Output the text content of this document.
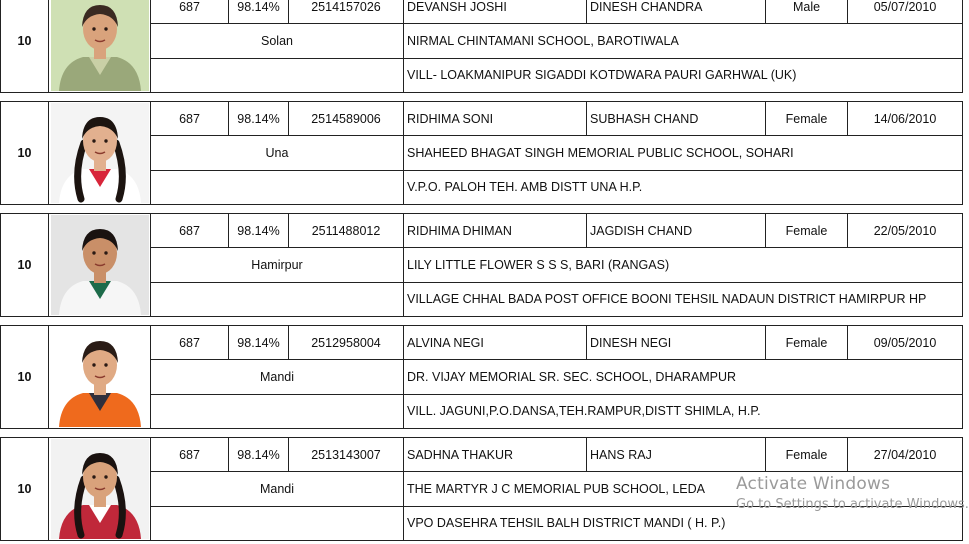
10		687	98.14%	2514157026	DEVANSH JOSHI	DINESH CHANDRA	Male	05/07/2010
		Solan			NIRMAL CHINTAMANI SCHOOL, BAROTIWALA			
					VILL- LOAKMANIPUR SIGADDI KOTDWARA PAURI GARHWAL (UK)			
10		687	98.14%	2514589006	RIDHIMA SONI	SUBHASH CHAND	Female	14/06/2010
		Una			SHAHEED BHAGAT SINGH MEMORIAL PUBLIC SCHOOL, SOHARI			
					V.P.O. PALOH TEH. AMB DISTT UNA H.P.			
10		687	98.14%	2511488012	RIDHIMA DHIMAN	JAGDISH CHAND	Female	22/05/2010
		Hamirpur			LILY LITTLE FLOWER S S S, BARI (RANGAS)			
					VILLAGE CHHAL BADA POST OFFICE BOONI TEHSIL NADAUN DISTRICT HAMIRPUR HP			
10		687	98.14%	2512958004	ALVINA NEGI	DINESH NEGI	Female	09/05/2010
		Mandi			DR. VIJAY MEMORIAL SR. SEC. SCHOOL, DHARAMPUR			
					VILL. JAGUNI,P.O.DANSA,TEH.RAMPUR,DISTT SHIMLA, H.P.			
10		687	98.14%	2513143007	SADHNA THAKUR	HANS RAJ	Female	27/04/2010
		Mandi			THE MARTYR J C MEMORIAL PUB SCHOOL, LEDA			
					VPO DASEHRA TEHSIL BALH DISTRICT MANDI ( H. P.)			
Activate Windows
Go to Settings to activate Windows.
